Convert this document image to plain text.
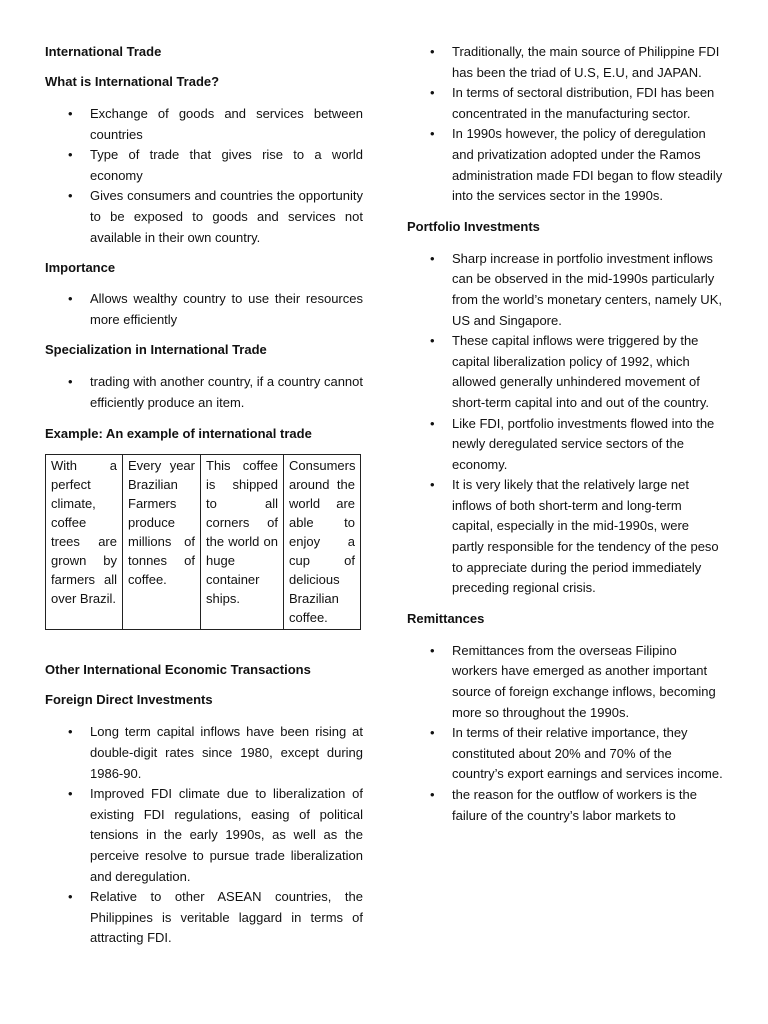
International Trade

What is International Trade?

• Exchange of goods and services between countries
• Type of trade that gives rise to a world economy
• Gives consumers and countries the opportunity to be exposed to goods and services not available in their own country.

Importance

• Allows wealthy country to use their resources more efficiently

Specialization in International Trade

• trading with another country, if a country cannot efficiently produce an item.

Example: An example of international trade

With a perfect climate, coffee trees are grown by farmers all over Brazil.	Every year Brazilian Farmers produce millions of tonnes of coffee.	This coffee is shipped to all corners of the world on huge container ships.	Consumers around the world are able to enjoy a cup of delicious Brazilian coffee.

Other International Economic Transactions

Foreign Direct Investments

• Long term capital inflows have been rising at double-digit rates since 1980, except during 1986-90.
• Improved FDI climate due to liberalization of existing FDI regulations, easing of political tensions in the early 1990s, as well as the perceive resolve to pursue trade liberalization and deregulation.
• Relative to other ASEAN countries, the Philippines is veritable laggard in terms of attracting FDI.
• Traditionally, the main source of Philippine FDI has been the triad of U.S, E.U, and JAPAN.
• In terms of sectoral distribution, FDI has been concentrated in the manufacturing sector.
• In 1990s however, the policy of deregulation and privatization adopted under the Ramos administration made FDI began to flow steadily into the services sector in the 1990s.

Portfolio Investments

• Sharp increase in portfolio investment inflows can be observed in the mid-1990s particularly from the world’s monetary centers, namely UK, US and Singapore.
• These capital inflows were triggered by the capital liberalization policy of 1992, which allowed generally unhindered movement of short-term capital into and out of the country.
• Like FDI, portfolio investments flowed into the newly deregulated service sectors of the economy.
• It is very likely that the relatively large net inflows of both short-term and long-term capital, especially in the mid-1990s, were partly responsible for the tendency of the peso to appreciate during the period immediately preceding regional crisis.

Remittances

• Remittances from the overseas Filipino workers have emerged as another important source of foreign exchange inflows, becoming more so throughout the 1990s.
• In terms of their relative importance, they constituted about 20% and 70% of the country’s export earnings and services income.
• the reason for the outflow of workers is the failure of the country’s labor markets to
